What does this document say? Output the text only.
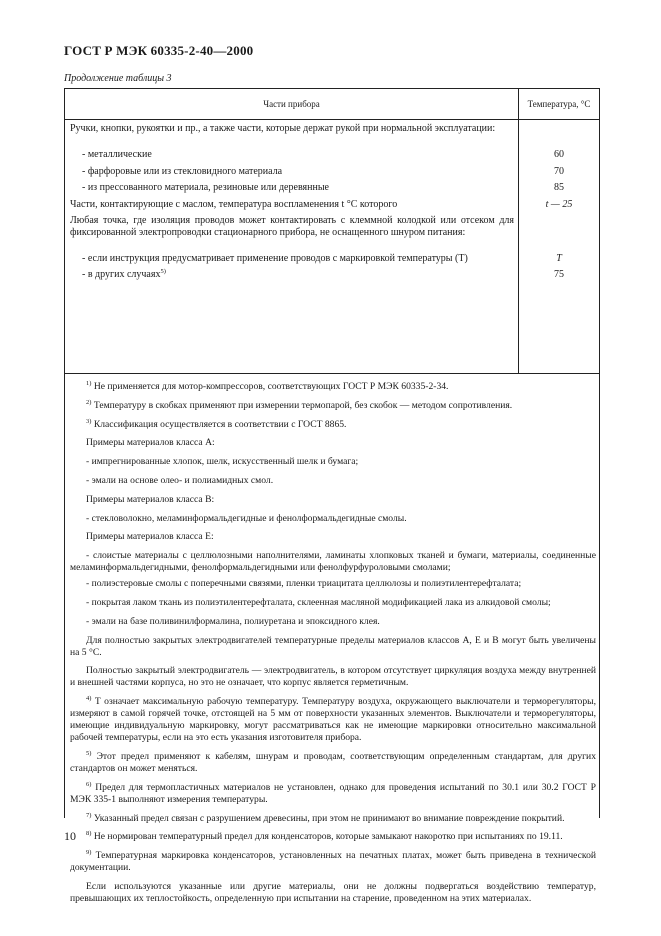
ГОСТ Р МЭК 60335-2-40—2000
Продолжение таблицы 3
Части прибора	Температура, °С
Ручки, кнопки, рукоятки и пр., а также части, которые держат рукой при нормальной эксплуатации:
- металлические	60
- фарфоровые или из стекловидного материала	70
- из прессованного материала, резиновые или деревянные	85
Части, контактирующие с маслом, температура воспламенения t °С которого	t — 25
Любая точка, где изоляция проводов может контактировать с клеммной колодкой или отсеком для фиксированной электропроводки стационарного прибора, не оснащенного шнуром питания:
- если инструкция предусматривает применение проводов с маркировкой температуры (T)	T
- в других случаях$^{5)}$	75

$^{1)}$ Не применяется для мотор-компрессоров, соответствующих ГОСТ Р МЭК 60335-2-34.

$^{2)}$ Температуру в скобках применяют при измерении термопарой, без скобок — методом сопротивления.

$^{3)}$ Классификация осуществляется в соответствии с ГОСТ 8865.

Примеры материалов класса А:

- импрегнированные хлопок, шелк, искусственный шелк и бумага;

- эмали на основе олео- и полиамидных смол.

Примеры материалов класса В:

- стекловолокно, меламинформальдегидные и фенолформальдегидные смолы.

Примеры материалов класса Е:

- слоистые материалы с целлюлозными наполнителями, ламинаты хлопковых тканей и бумаги, материалы, соединенные меламинформальдегидными, фенолформальдегидными или фенолфурфуроловыми смолами;

- полиэстеровые смолы с поперечными связями, пленки триацитата целлюлозы и полиэтилентерефталата;

- покрытая лаком ткань из полиэтилентерефталата, склеенная масляной модификацией лака из алкидовой смолы;

- эмали на базе поливинилформалина, полиуретана и эпоксидного клея.

Для полностью закрытых электродвигателей температурные пределы материалов классов А, Е и В могут быть увеличены на 5 °С.

Полностью закрытый электродвигатель — электродвигатель, в котором отсутствует циркуляция воздуха между внутренней и внешней частями корпуса, но это не означает, что корпус является герметичным.

$^{4)}$ T означает максимальную рабочую температуру. Температуру воздуха, окружающего выключатели и терморегуляторы, измеряют в самой горячей точке, отстоящей на 5 мм от поверхности указанных элементов. Выключатели и терморегуляторы, имеющие индивидуальную маркировку, могут рассматриваться как не имеющие маркировки относительно максимальной рабочей температуры, если на это есть указания изготовителя прибора.

$^{5)}$ Этот предел применяют к кабелям, шнурам и проводам, соответствующим определенным стандартам, для других стандартов он может меняться.

$^{6)}$ Предел для термопластичных материалов не установлен, однако для проведения испытаний по 30.1 или 30.2 ГОСТ Р МЭК 335-1 выполняют измерения температуры.

$^{7)}$ Указанный предел связан с разрушением древесины, при этом не принимают во внимание повреждение покрытий.

$^{8)}$ Не нормирован температурный предел для конденсаторов, которые замыкают накоротко при испытаниях по 19.11.

$^{9)}$ Температурная маркировка конденсаторов, установленных на печатных платах, может быть приведена в технической документации.

Если используются указанные или другие материалы, они не должны подвергаться воздействию температур, превышающих их теплостойкость, определенную при испытании на старение, проведенном на этих материалах.

10
